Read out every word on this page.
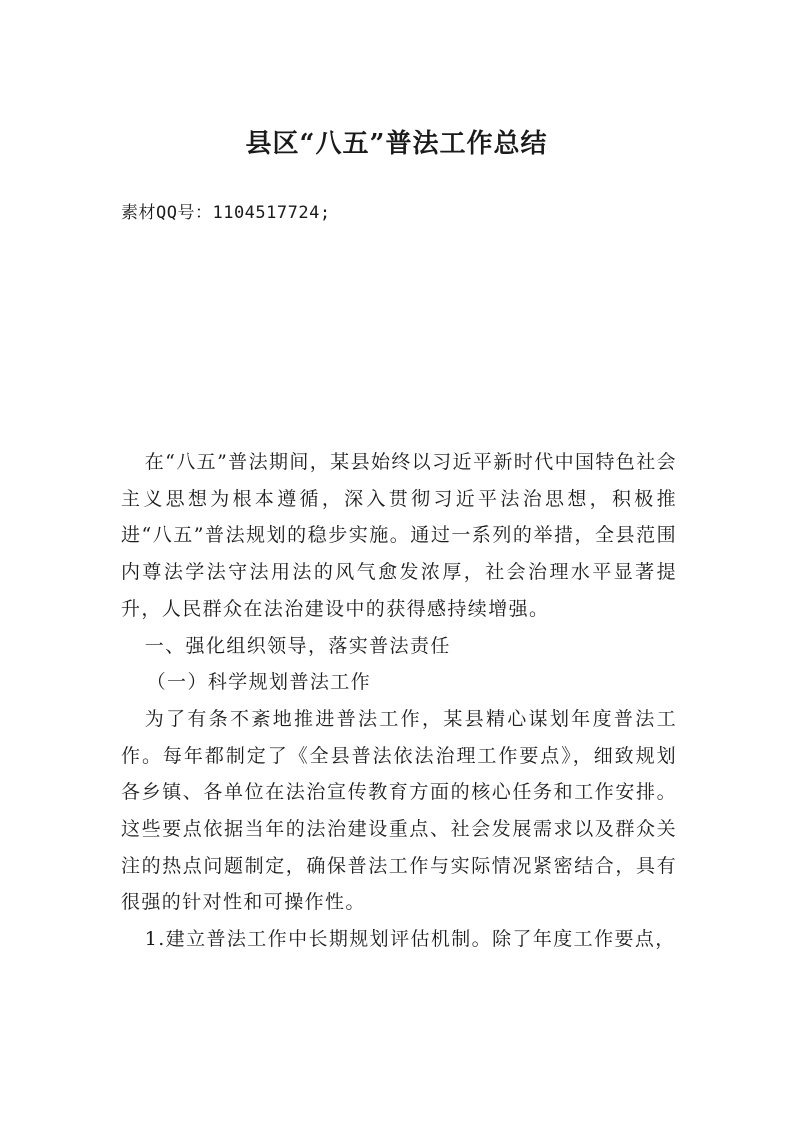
县区“八五”普法工作总结
素材QQ号：1104517724;

在“八五”普法期间，某县始终以习近平新时代中国特色社会主义思想为根本遵循，深入贯彻习近平法治思想，积极推进“八五”普法规划的稳步实施。通过一系列的举措，全县范围内尊法学法守法用法的风气愈发浓厚，社会治理水平显著提升，人民群众在法治建设中的获得感持续增强。

一、强化组织领导，落实普法责任

（一）科学规划普法工作

为了有条不紊地推进普法工作，某县精心谋划年度普法工作。每年都制定了《全县普法依法治理工作要点》，细致规划各乡镇、各单位在法治宣传教育方面的核心任务和工作安排。这些要点依据当年的法治建设重点、社会发展需求以及群众关注的热点问题制定，确保普法工作与实际情况紧密结合，具有很强的针对性和可操作性。

1.建立普法工作中长期规划评估机制。除了年度工作要点，
